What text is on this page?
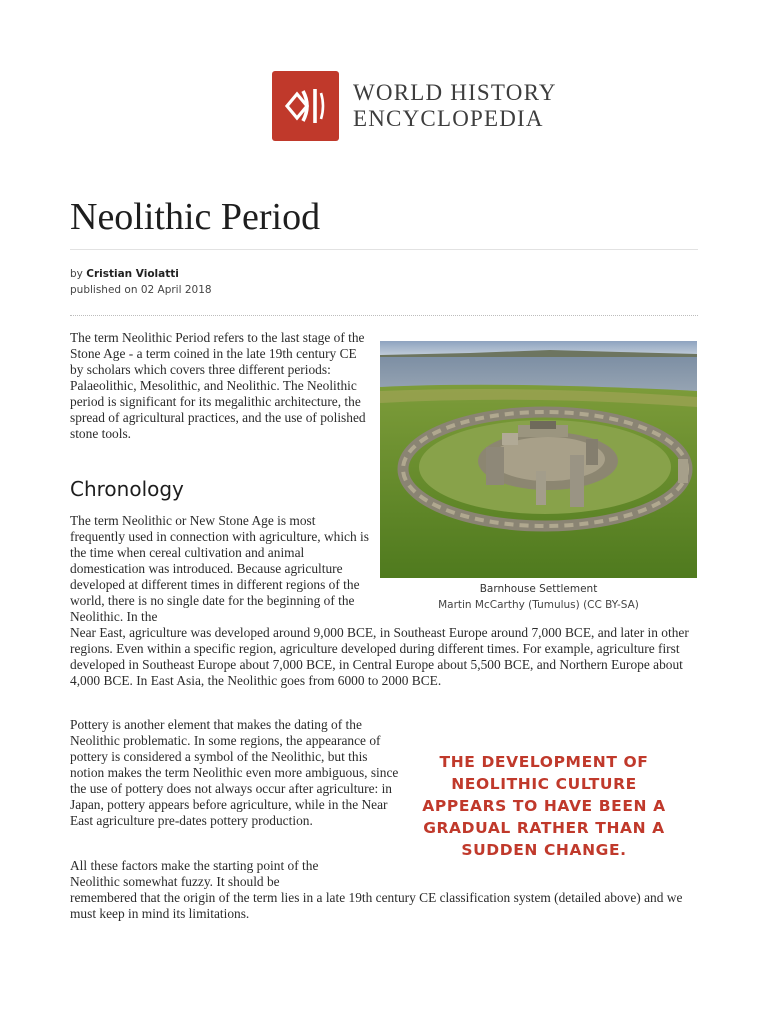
WORLD HISTORY
ENCYCLOPEDIA
Neolithic Period
by Cristian Violatti
published on 02 April 2018

The term Neolithic Period refers to the last stage of the Stone Age - a term coined in the late 19th century CE by scholars which covers three different periods: Palaeolithic, Mesolithic, and Neolithic. The Neolithic period is significant for its megalithic architecture, the spread of agricultural practices, and the use of polished stone tools.

Barnhouse Settlement
Martin McCarthy (Tumulus) (CC BY-SA)
Chronology

The term Neolithic or New Stone Age is most frequently used in connection with agriculture, which is the time when cereal cultivation and animal domestication was introduced. Because agriculture developed at different times in different regions of the world, there is no single date for the beginning of the Neolithic. In the

Near East, agriculture was developed around 9,000 BCE, in Southeast Europe around 7,000 BCE, and later in other regions. Even within a specific region, agriculture developed during different times. For example, agriculture first developed in Southeast Europe about 7,000 BCE, in Central Europe about 5,500 BCE, and Northern Europe about 4,000 BCE. In East Asia, the Neolithic goes from 6000 to 2000 BCE.

Pottery is another element that makes the dating of the Neolithic problematic. In some regions, the appearance of pottery is considered a symbol of the Neolithic, but this notion makes the term Neolithic even more ambiguous, since the use of pottery does not always occur after agriculture: in Japan, pottery appears before agriculture, while in the Near East agriculture pre-dates pottery production.

THE DEVELOPMENT OF NEOLITHIC CULTURE APPEARS TO HAVE BEEN A GRADUAL RATHER THAN A SUDDEN CHANGE.

All these factors make the starting point of the Neolithic somewhat fuzzy. It should be

remembered that the origin of the term lies in a late 19th century CE classification system (detailed above) and we must keep in mind its limitations.
